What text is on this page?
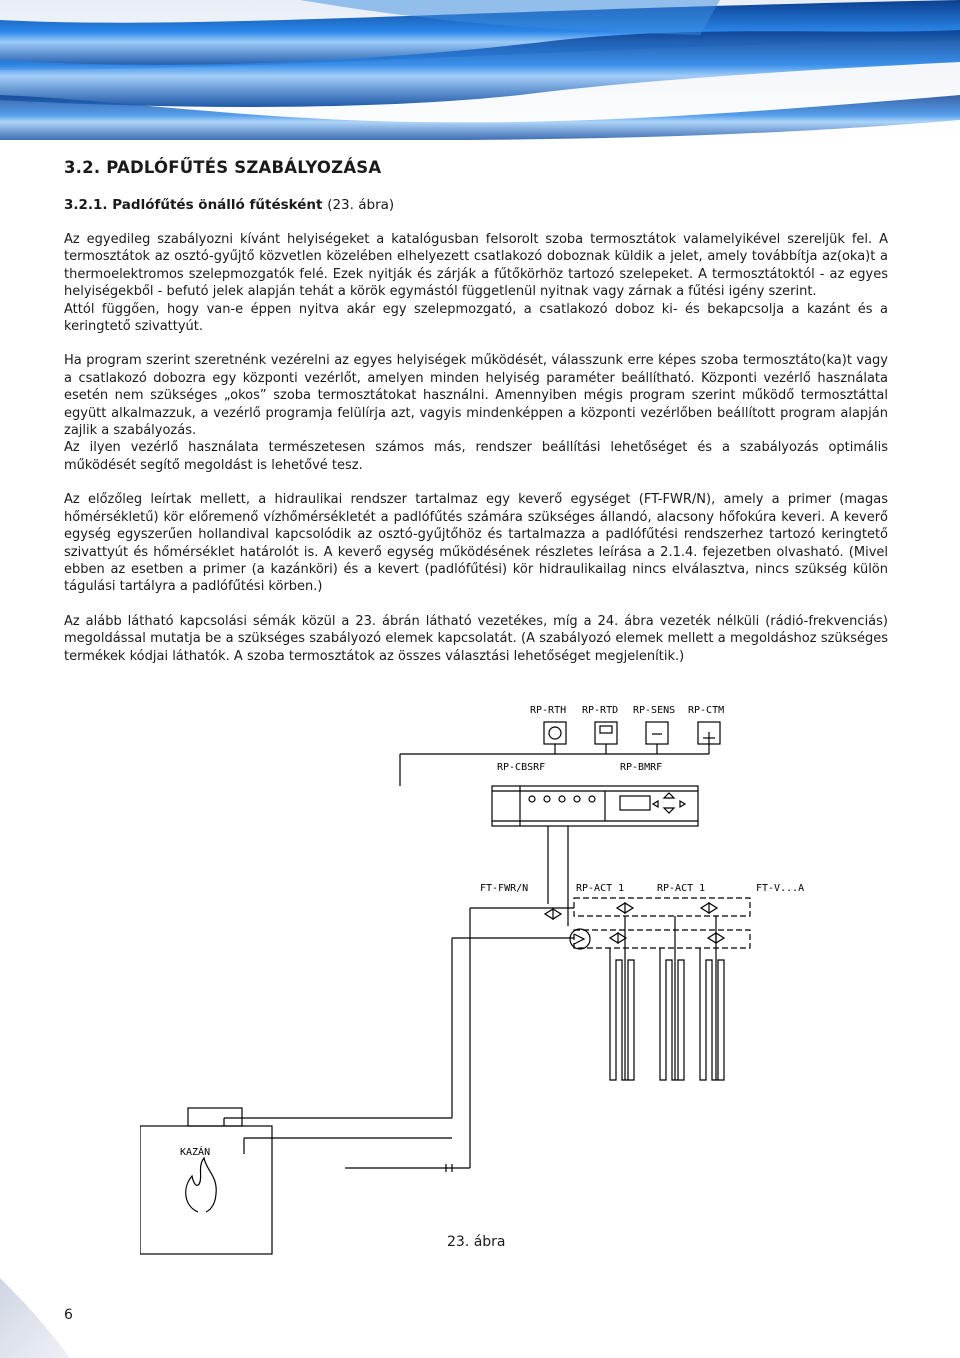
3.2. PADLÓFŰTÉS SZABÁLYOZÁSA
3.2.1. Padlófűtés önálló fűtésként (23. ábra)

Az egyedileg szabályozni kívánt helyiségeket a katalógusban felsorolt szoba termosztátok valamelyikével szereljük fel. A termosztátok az osztó-gyűjtő közvetlen közelében elhelyezett csatlakozó doboznak küldik a jelet, amely továbbítja az(oka)t a thermoelektromos szelepmozgatók felé. Ezek nyitják és zárják a fűtőkörhöz tartozó szelepeket. A termosztátoktól - az egyes helyiségekből - befutó jelek alapján tehát a körök egymástól függetlenül nyitnak vagy zárnak a fűtési igény szerint.

Attól függően, hogy van-e éppen nyitva akár egy szelepmozgató, a csatlakozó doboz ki- és bekapcsolja a kazánt és a keringtető szivattyút.

Ha program szerint szeretnénk vezérelni az egyes helyiségek működését, válasszunk erre képes szoba termosztáto(ka)t vagy a csatlakozó dobozra egy központi vezérlőt, amelyen minden helyiség paraméter beállítható. Központi vezérlő használata esetén nem szükséges „okos” szoba termosztátokat használni. Amennyiben mégis program szerint működő termosztáttal együtt alkalmazzuk, a vezérlő programja felülírja azt, vagyis mindenképpen a központi vezérlőben beállított program alapján zajlik a szabályozás.

Az ilyen vezérlő használata természetesen számos más, rendszer beállítási lehetőséget és a szabályozás optimális működését segítő megoldást is lehetővé tesz.

Az előzőleg leírtak mellett, a hidraulikai rendszer tartalmaz egy keverő egységet (FT-FWR/N), amely a primer (magas hőmérsékletű) kör előremenő vízhőmérsékletét a padlófűtés számára szükséges állandó, alacsony hőfokúra keveri. A keverő egység egyszerűen hollandival kapcsolódik az osztó-gyűjtőhöz és tartalmazza a padlófűtési rendszerhez tartozó keringtető szivattyút és hőmérséklet határolót is. A keverő egység működésének részletes leírása a 2.1.4. fejezetben olvasható. (Mivel ebben az esetben a primer (a kazánköri) és a kevert (padlófűtési) kör hidraulikailag nincs elválasztva, nincs szükség külön tágulási tartályra a padlófűtési körben.)

Az alább látható kapcsolási sémák közül a 23. ábrán látható vezetékes, míg a 24. ábra vezeték nélküli (rádió-frekvenciás) megoldással mutatja be a szükséges szabályozó elemek kapcsolatát. (A szabályozó elemek mellett a megoldáshoz szükséges termékek kódjai láthatók. A szoba termosztátok az összes választási lehetőséget megjelenítik.)

RP-RTH RP-RTD RP-SENS RP-CTM
RP-CBSRF	RP-BMRF
FT-FWR/N	RP-ACT 1	RP-ACT 1	FT-V...A
KAZÁN
23. ábra
6
